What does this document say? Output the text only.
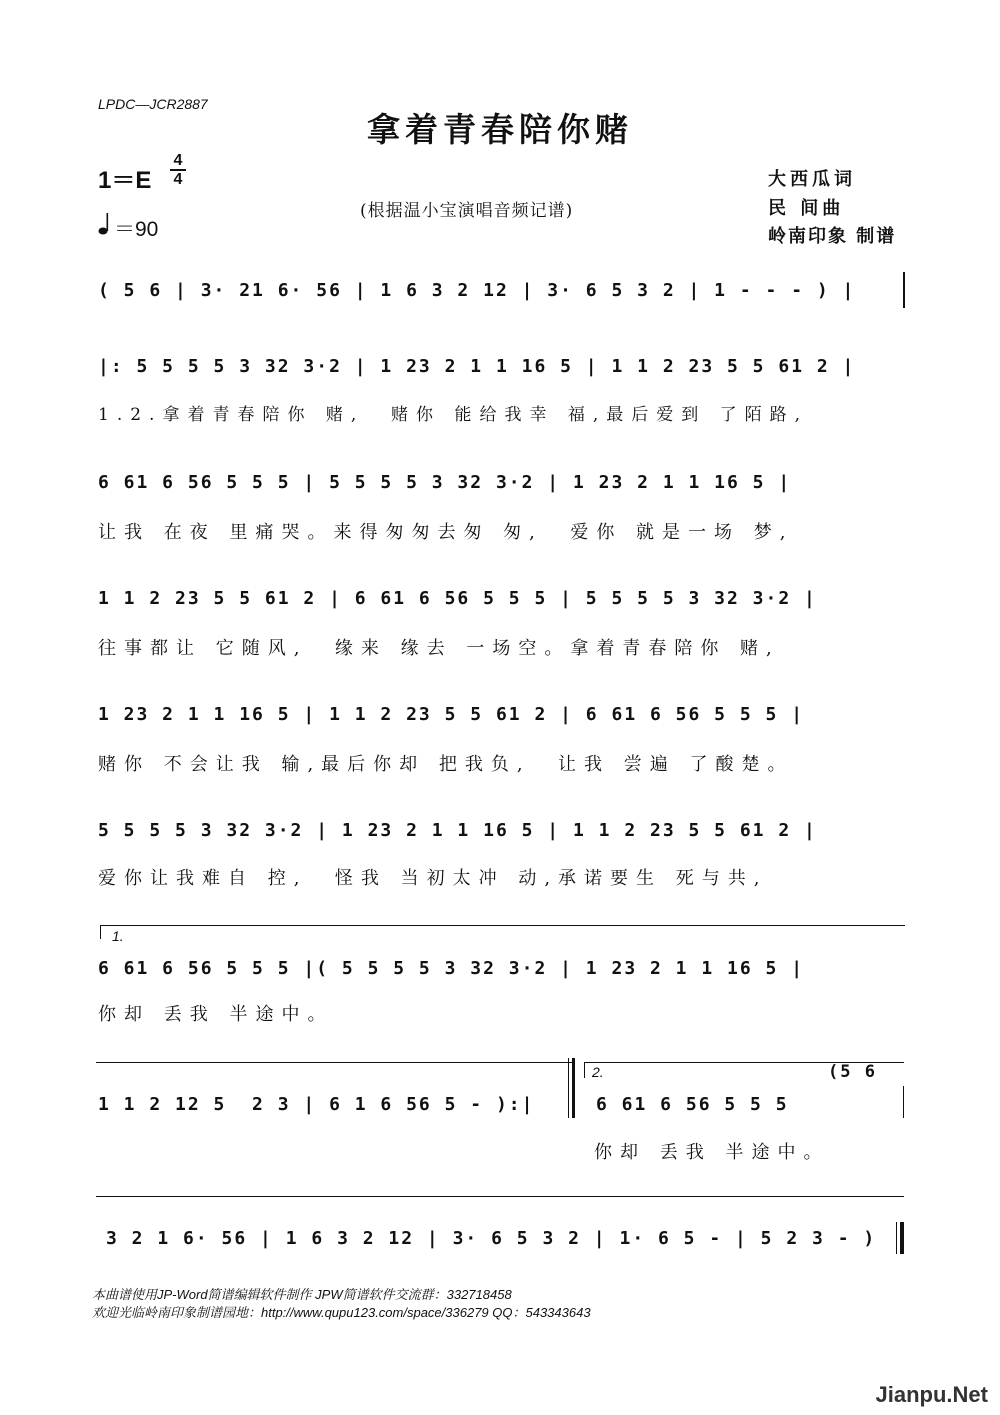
LPDC—JCR2887
拿着青春陪你赌
1＝E
4
4
＝90
(根据温小宝演唱音频记谱)
大西瓜词
民 间曲
岭南印象 制谱
( 5 6 | 3· 21 6· 56 | 1 6 3 2 12 | 3· 6 5 3 2 | 1 - - - ) |
|: 5 5 5 5 3 32 3·2 | 1 23 2 1 1 16 5 | 1 1 2 23 5 5 61 2 |
1.2.拿着青春陪你 赌,  赌你 能给我幸 福,最后爱到 了陌路,
6 61 6 56 5 5 5 | 5 5 5 5 3 32 3·2 | 1 23 2 1 1 16 5 |
让我 在夜 里痛哭。来得匆匆去匆 匆,  爱你 就是一场 梦,
1 1 2 23 5 5 61 2 | 6 61 6 56 5 5 5 | 5 5 5 5 3 32 3·2 |
往事都让 它随风,  缘来 缘去 一场空。拿着青春陪你 赌,
1 23 2 1 1 16 5 | 1 1 2 23 5 5 61 2 | 6 61 6 56 5 5 5 |
赌你 不会让我 输,最后你却 把我负,  让我 尝遍 了酸楚。
5 5 5 5 3 32 3·2 | 1 23 2 1 1 16 5 | 1 1 2 23 5 5 61 2 |
爱你让我难自 控,  怪我 当初太冲 动,承诺要生 死与共,
1.
6 61 6 56 5 5 5 |( 5 5 5 5 3 32 3·2 | 1 23 2 1 1 16 5 |
你却 丢我 半途中。
1 1 2 12 5  2 3 | 6 1 6 56 5 - ):|
2.
6 61 6 56 5 5 5
(5 6
你却 丢我 半途中。
3 2 1 6· 56 | 1 6 3 2 12 | 3· 6 5 3 2 | 1· 6 5 - | 5 2 3 - )
本曲谱使用JP-Word简谱编辑软件制作 JPW简谱软件交流群：332718458
欢迎光临岭南印象制谱园地：http://www.qupu123.com/space/336279 QQ：543343643
Jianpu.Net
